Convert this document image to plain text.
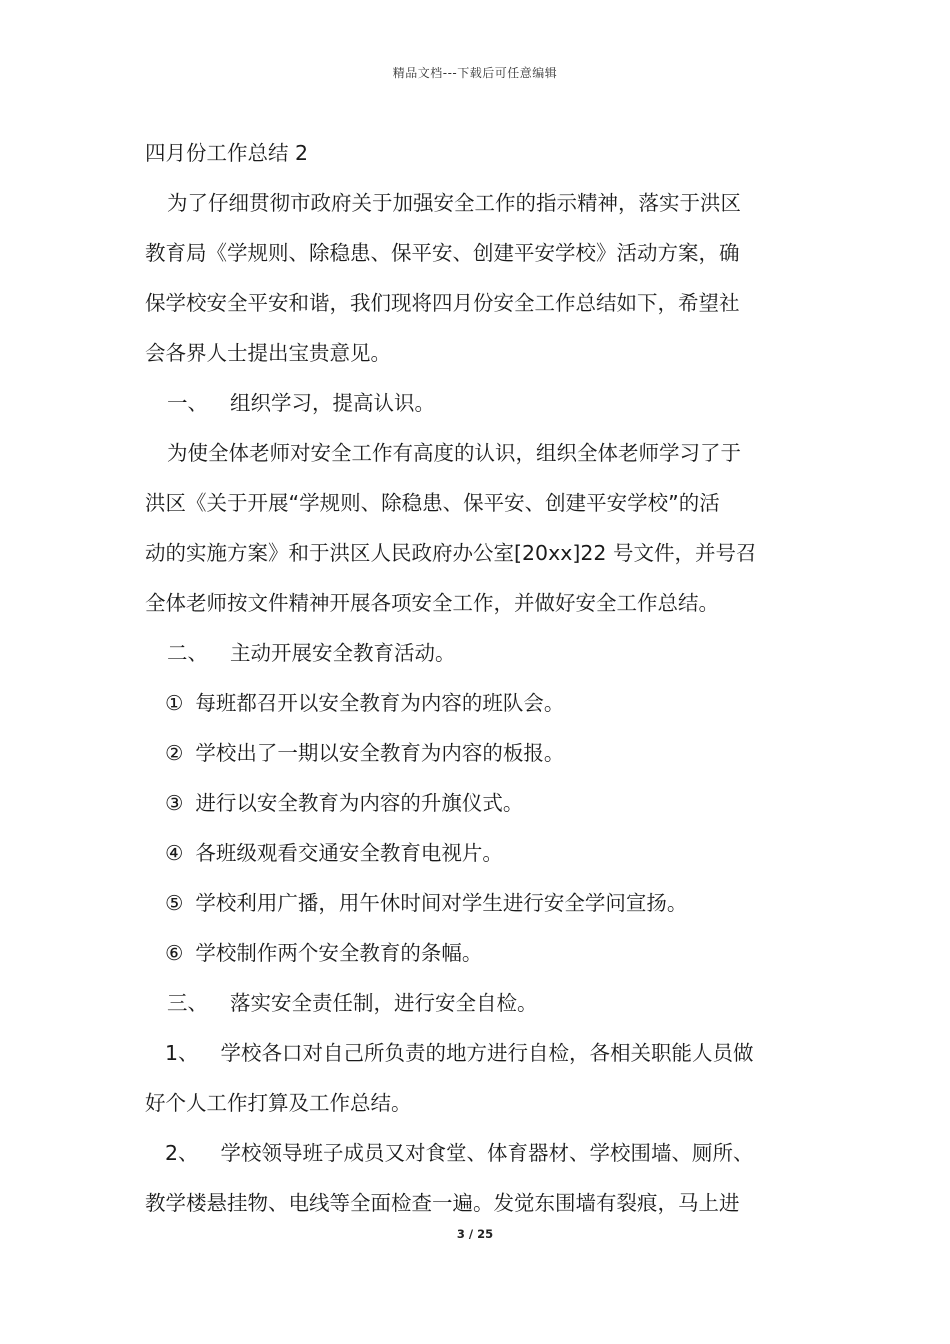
精品文档---下载后可任意编辑
四月份工作总结 2
为了仔细贯彻市政府关于加强安全工作的指示精神，落实于洪区
教育局《学规则、除稳患、保平安、创建平安学校》活动方案，确
保学校安全平安和谐，我们现将四月份安全工作总结如下，希望社
会各界人士提出宝贵意见。
一、 组织学习，提高认识。
为使全体老师对安全工作有高度的认识，组织全体老师学习了于
洪区《关于开展“学规则、除稳患、保平安、创建平安学校”的活
动的实施方案》和于洪区人民政府办公室[20xx]22 号文件，并号召
全体老师按文件精神开展各项安全工作，并做好安全工作总结。
二、 主动开展安全教育活动。
① 每班都召开以安全教育为内容的班队会。
② 学校出了一期以安全教育为内容的板报。
③ 进行以安全教育为内容的升旗仪式。
④ 各班级观看交通安全教育电视片。
⑤ 学校利用广播，用午休时间对学生进行安全学问宣扬。
⑥ 学校制作两个安全教育的条幅。
三、 落实安全责任制，进行安全自检。
1、 学校各口对自己所负责的地方进行自检，各相关职能人员做
好个人工作打算及工作总结。
2、 学校领导班子成员又对食堂、体育器材、学校围墙、厕所、
教学楼悬挂物、电线等全面检查一遍。发觉东围墙有裂痕，马上进
3 / 25
